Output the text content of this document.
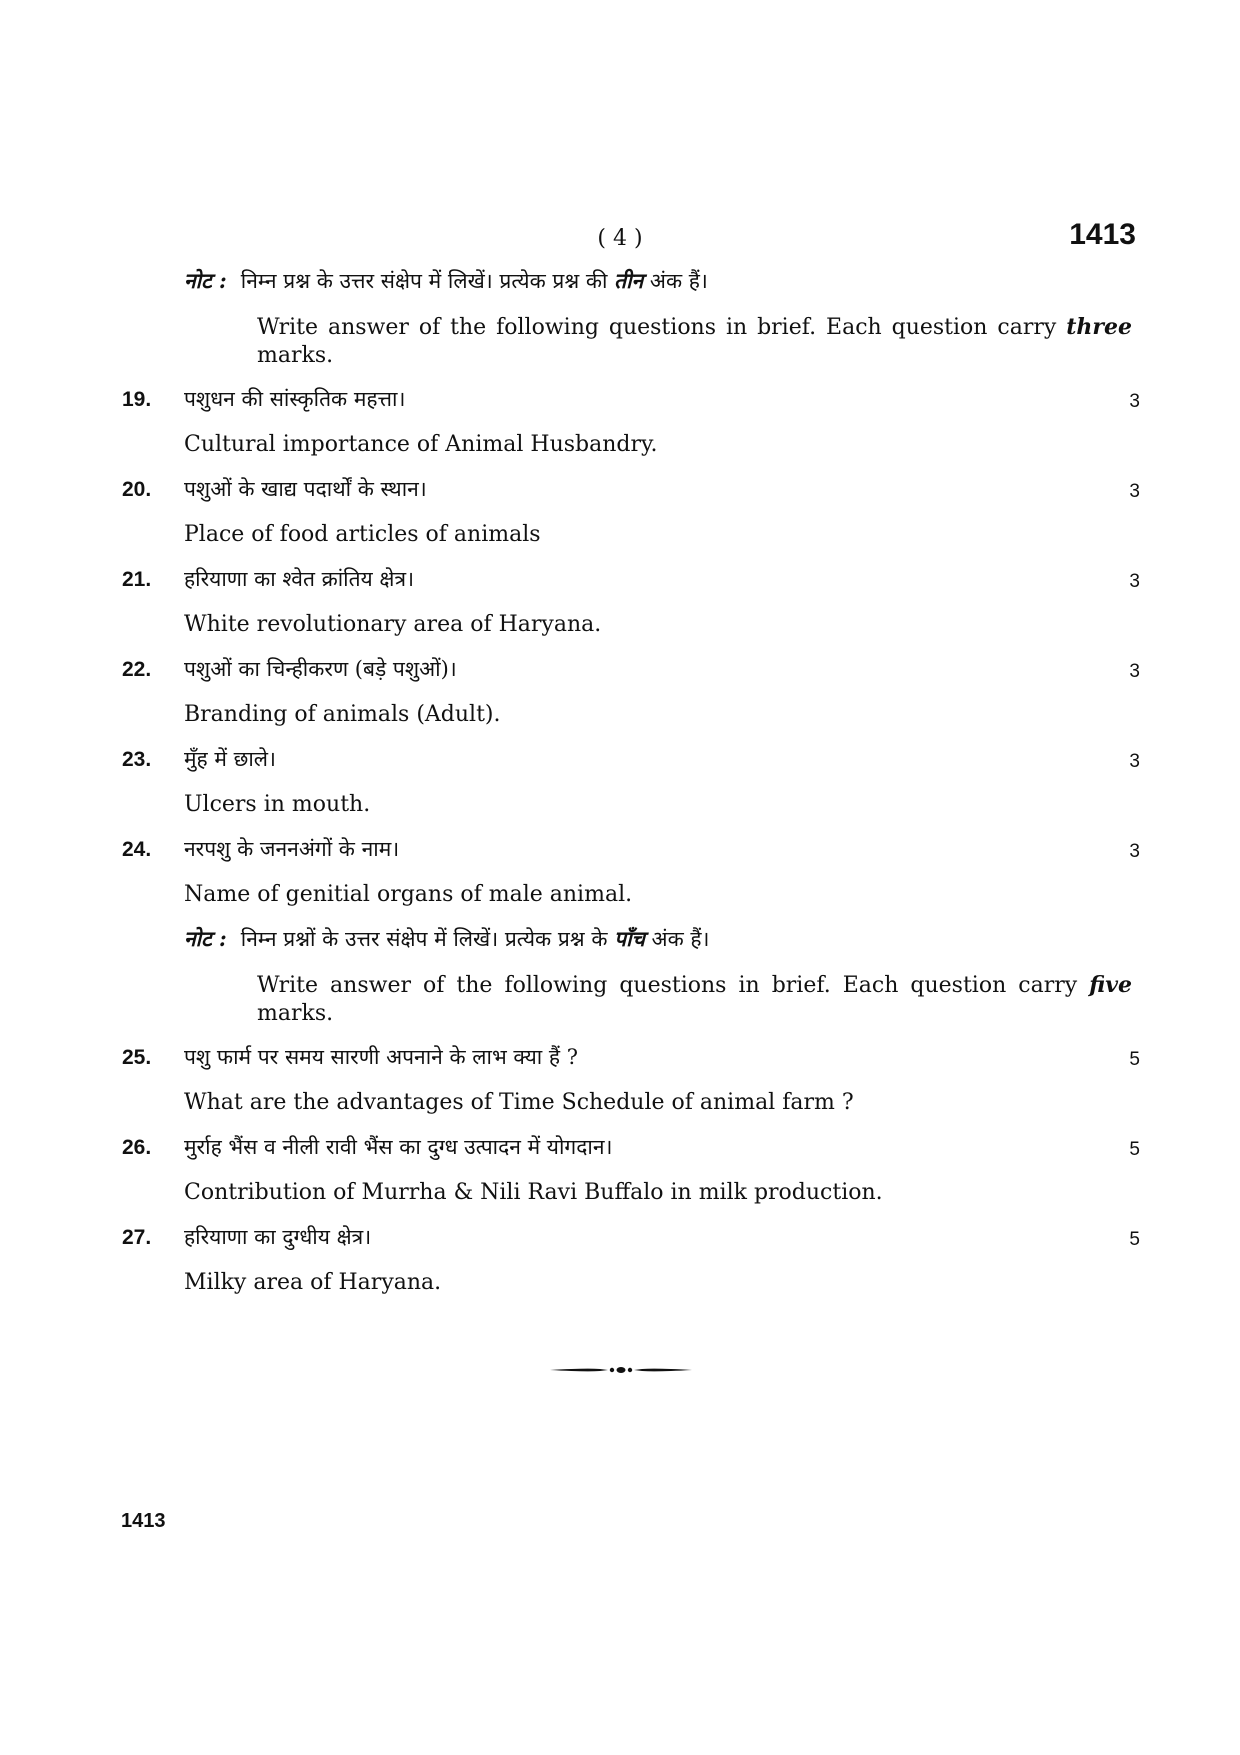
( 4 )	1413
नोट : निम्न प्रश्न के उत्तर संक्षेप में लिखें। प्रत्येक प्रश्न की तीन अंक हैं।
Write answer of the following questions in brief. Each question carry three marks.
19.	पशुधन की सांस्कृतिक महत्ता।	3
Cultural importance of Animal Husbandry.
20.	पशुओं के खाद्य पदार्थों के स्थान।	3
Place of food articles of animals
21.	हरियाणा का श्वेत क्रांतिय क्षेत्र।	3
White revolutionary area of Haryana.
22.	पशुओं का चिन्हीकरण (बड़े पशुओं)।	3
Branding of animals (Adult).
23.	मुँह में छाले।	3
Ulcers in mouth.
24.	नरपशु के जननअंगों के नाम।	3
Name of genitial organs of male animal.
नोट : निम्न प्रश्नों के उत्तर संक्षेप में लिखें। प्रत्येक प्रश्न के पाँच अंक हैं।
Write answer of the following questions in brief. Each question carry five marks.
25.	पशु फार्म पर समय सारणी अपनाने के लाभ क्या हैं ?	5
What are the advantages of Time Schedule of animal farm ?
26.	मुर्राह भैंस व नीली रावी भैंस का दुग्ध उत्पादन में योगदान।	5
Contribution of Murrha & Nili Ravi Buffalo in milk production.
27.	हरियाणा का दुग्धीय क्षेत्र।	5
Milky area of Haryana.
1413
